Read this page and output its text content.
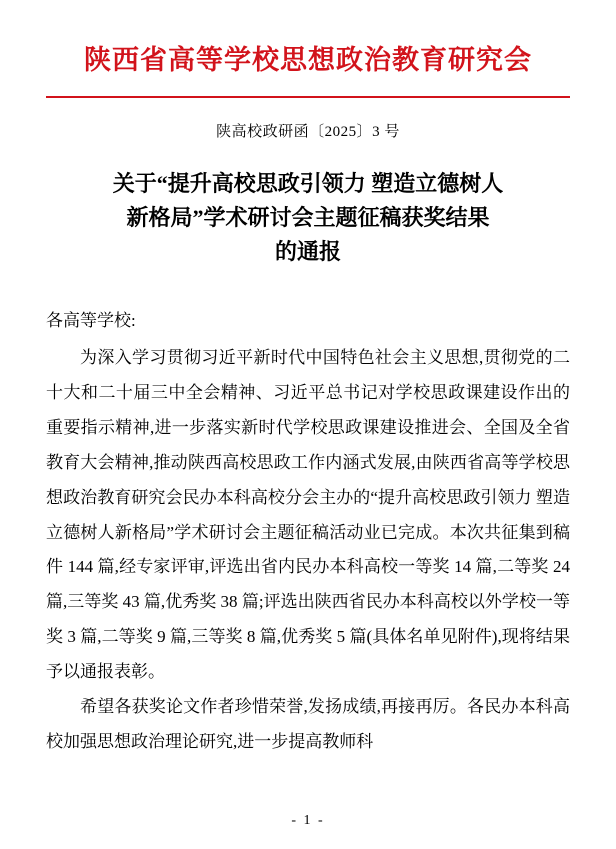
陕西省高等学校思想政治教育研究会
陕高校政研函〔2025〕3 号
关于“提升高校思政引领力 塑造立德树人
新格局”学术研讨会主题征稿获奖结果
的通报
各高等学校:

为深入学习贯彻习近平新时代中国特色社会主义思想,贯彻党的二十大和二十届三中全会精神、习近平总书记对学校思政课建设作出的重要指示精神,进一步落实新时代学校思政课建设推进会、全国及全省教育大会精神,推动陕西高校思政工作内涵式发展,由陕西省高等学校思想政治教育研究会民办本科高校分会主办的“提升高校思政引领力 塑造立德树人新格局”学术研讨会主题征稿活动业已完成。本次共征集到稿件 144 篇,经专家评审,评选出省内民办本科高校一等奖 14 篇,二等奖 24 篇,三等奖 43 篇,优秀奖 38 篇;评选出陕西省民办本科高校以外学校一等奖 3 篇,二等奖 9 篇,三等奖 8 篇,优秀奖 5 篇(具体名单见附件),现将结果予以通报表彰。

希望各获奖论文作者珍惜荣誉,发扬成绩,再接再厉。各民办本科高校加强思想政治理论研究,进一步提高教师科

- 1 -
